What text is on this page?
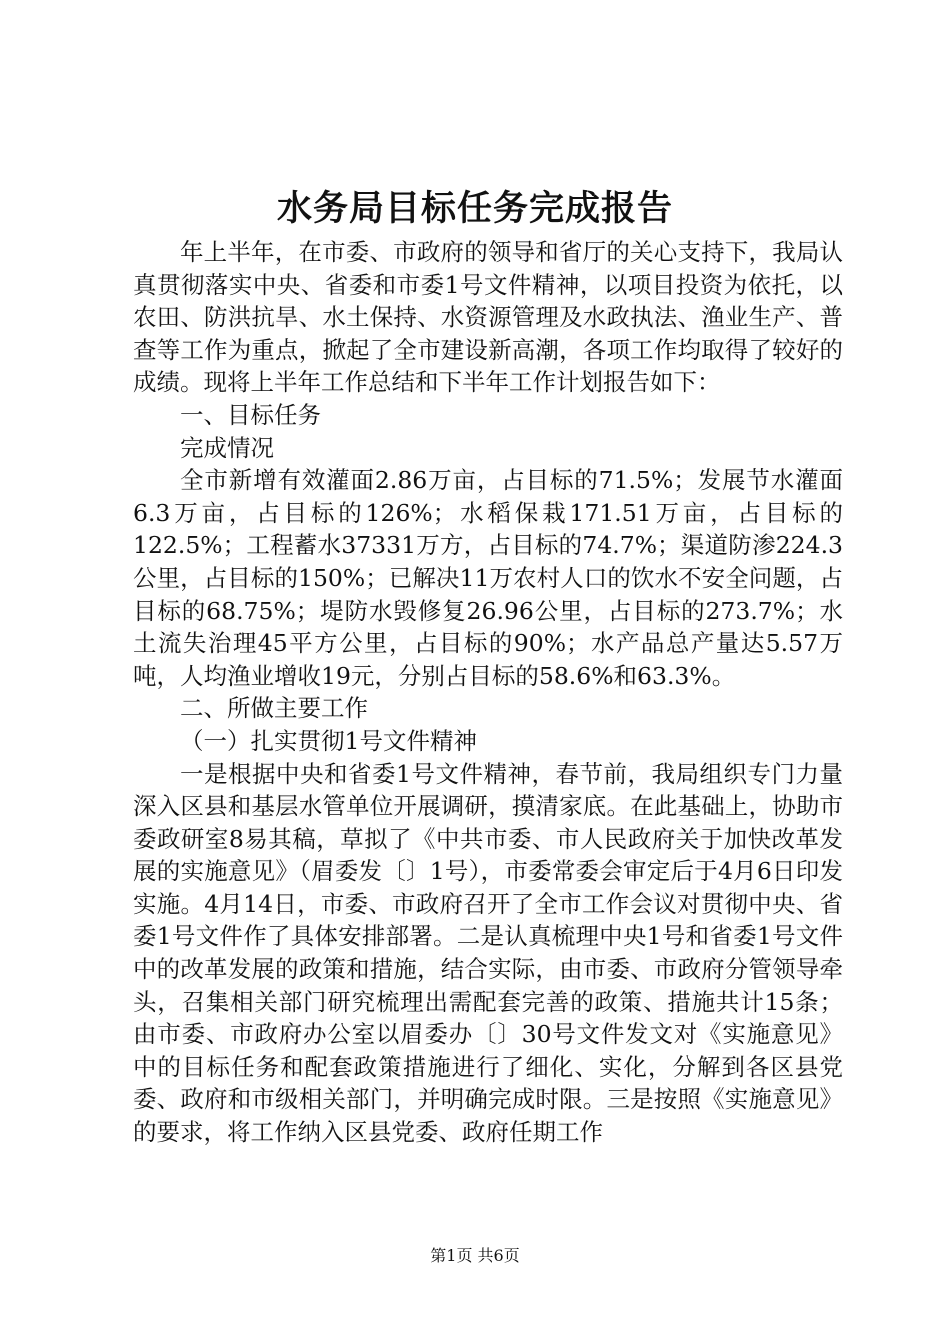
水务局目标任务完成报告

年上半年，在市委、市政府的领导和省厅的关心支持下，我局认真贯彻落实中央、省委和市委1号文件精神，以项目投资为依托，以农田、防洪抗旱、水土保持、水资源管理及水政执法、渔业生产、普查等工作为重点，掀起了全市建设新高潮，各项工作均取得了较好的成绩。现将上半年工作总结和下半年工作计划报告如下：

一、目标任务

完成情况

全市新增有效灌面2.86万亩，占目标的71.5%；发展节水灌面6.3万亩，占目标的126%；水稻保栽171.51万亩，占目标的122.5%；工程蓄水37331万方，占目标的74.7%；渠道防渗224.3公里，占目标的150%；已解决11万农村人口的饮水不安全问题，占目标的68.75%；堤防水毁修复26.96公里，占目标的273.7%；水土流失治理45平方公里，占目标的90%；水产品总产量达5.57万吨，人均渔业增收19元，分别占目标的58.6%和63.3%。

二、所做主要工作

（一）扎实贯彻1号文件精神

一是根据中央和省委1号文件精神，春节前，我局组织专门力量深入区县和基层水管单位开展调研，摸清家底。在此基础上，协助市委政研室8易其稿，草拟了《中共市委、市人民政府关于加快改革发展的实施意见》（眉委发〔〕1号），市委常委会审定后于4月6日印发实施。4月14日，市委、市政府召开了全市工作会议对贯彻中央、省委1号文件作了具体安排部署。二是认真梳理中央1号和省委1号文件中的改革发展的政策和措施，结合实际，由市委、市政府分管领导牵头，召集相关部门研究梳理出需配套完善的政策、措施共计15条；由市委、市政府办公室以眉委办〔〕30号文件发文对《实施意见》中的目标任务和配套政策措施进行了细化、实化，分解到各区县党委、政府和市级相关部门，并明确完成时限。三是按照《实施意见》的要求，将工作纳入区县党委、政府任期工作

第1页 共6页
